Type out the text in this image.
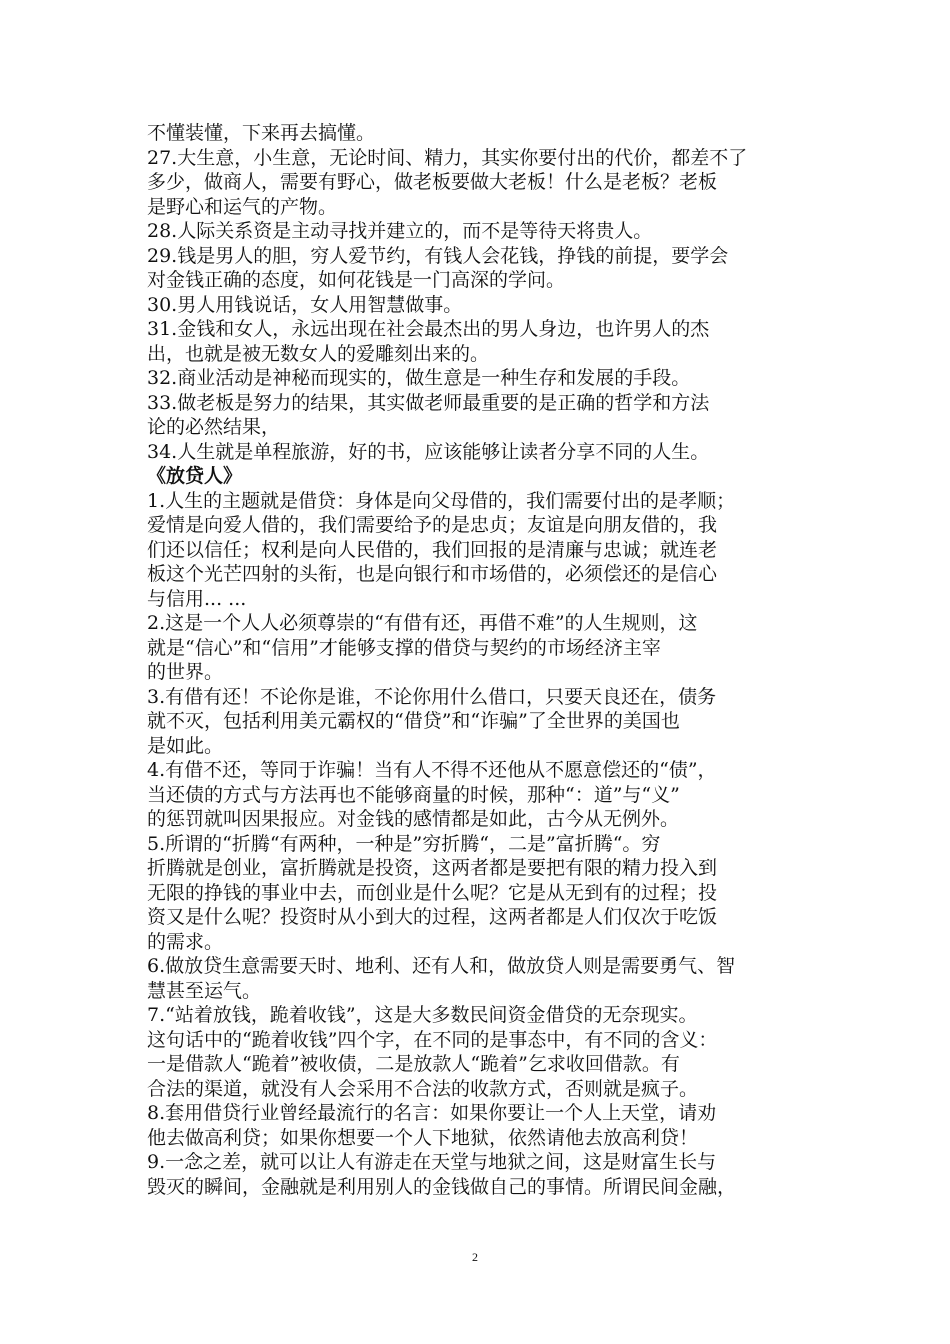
不懂装懂，下来再去搞懂。
27.大生意，小生意，无论时间、精力，其实你要付出的代价，都差不了
多少，做商人，需要有野心，做老板要做大老板！什么是老板？老板
是野心和运气的产物。
28.人际关系资是主动寻找并建立的，而不是等待天将贵人。
29.钱是男人的胆，穷人爱节约，有钱人会花钱，挣钱的前提，要学会
对金钱正确的态度，如何花钱是一门高深的学问。
30.男人用钱说话，女人用智慧做事。
31.金钱和女人，永远出现在社会最杰出的男人身边，也许男人的杰
出，也就是被无数女人的爱雕刻出来的。
32.商业活动是神秘而现实的，做生意是一种生存和发展的手段。
33.做老板是努力的结果，其实做老师最重要的是正确的哲学和方法
论的必然结果，
34.人生就是单程旅游，好的书，应该能够让读者分享不同的人生。
《放贷人》
1.人生的主题就是借贷：身体是向父母借的，我们需要付出的是孝顺；
爱情是向爱人借的，我们需要给予的是忠贞；友谊是向朋友借的，我
们还以信任；权利是向人民借的，我们回报的是清廉与忠诚；就连老
板这个光芒四射的头衔，也是向银行和市场借的，必须偿还的是信心
与信用... ...
2.这是一个人人必须尊崇的“有借有还，再借不难”的人生规则，这
就是“信心”和“信用”才能够支撑的借贷与契约的市场经济主宰
的世界。
3.有借有还！不论你是谁，不论你用什么借口，只要天良还在，债务
就不灭，包括利用美元霸权的“借贷”和“诈骗”了全世界的美国也
是如此。
4.有借不还，等同于诈骗！当有人不得不还他从不愿意偿还的“债”，
当还债的方式与方法再也不能够商量的时候，那种“：道”与“义”
的惩罚就叫因果报应。对金钱的感情都是如此，古今从无例外。
5.所谓的“折腾“有两种，一种是”穷折腾“，二是”富折腾“。穷
折腾就是创业，富折腾就是投资，这两者都是要把有限的精力投入到
无限的挣钱的事业中去，而创业是什么呢？它是从无到有的过程；投
资又是什么呢？投资时从小到大的过程，这两者都是人们仅次于吃饭
的需求。
6.做放贷生意需要天时、地利、还有人和，做放贷人则是需要勇气、智
慧甚至运气。
7.“站着放钱，跪着收钱”，这是大多数民间资金借贷的无奈现实。
这句话中的“跪着收钱”四个字，在不同的是事态中，有不同的含义：
一是借款人“跪着”被收债，二是放款人“跪着”乞求收回借款。有
合法的渠道，就没有人会采用不合法的收款方式，否则就是疯子。
8.套用借贷行业曾经最流行的名言：如果你要让一个人上天堂，请劝
他去做高利贷；如果你想要一个人下地狱，依然请他去放高利贷！
9.一念之差，就可以让人有游走在天堂与地狱之间，这是财富生长与
毁灭的瞬间，金融就是利用别人的金钱做自己的事情。所谓民间金融，
2
